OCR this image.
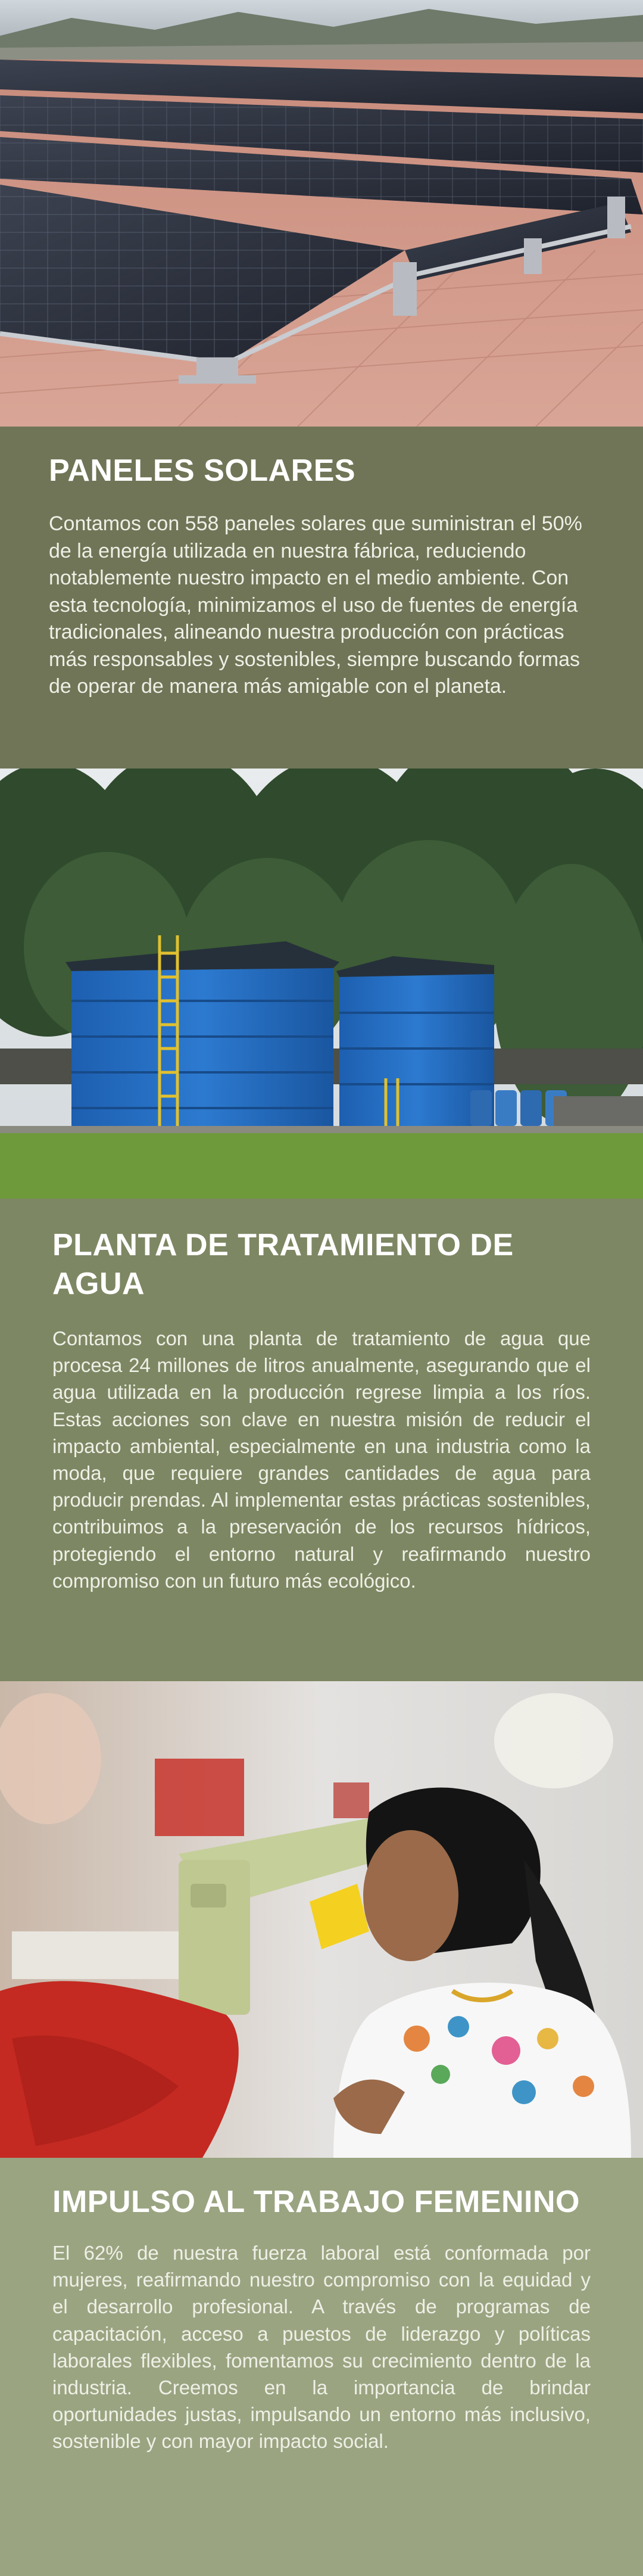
PANELES SOLARES

Contamos con 558 paneles solares que suministran el 50% de la energía utilizada en nuestra fábrica, reduciendo notablemente nuestro impacto en el medio ambiente. Con esta tecnología, minimizamos el uso de fuentes de energía tradicionales, alineando nuestra producción con prácticas más responsables y sostenibles, siempre buscando formas de operar de manera más amigable con el planeta.

PLANTA DE TRATAMIENTO DE AGUA

Contamos con una planta de tratamiento de agua que procesa 24 millones de litros anualmente, asegurando que el agua utilizada en la producción regrese limpia a los ríos. Estas acciones son clave en nuestra misión de reducir el impacto ambiental, especialmente en una industria como la moda, que requiere grandes cantidades de agua para producir prendas. Al implementar estas prácticas sostenibles, contribuimos a la preservación de los recursos hídricos, protegiendo el entorno natural y reafirmando nuestro compromiso con un futuro más ecológico.

IMPULSO AL TRABAJO FEMENINO

El 62% de nuestra fuerza laboral está conformada por mujeres, reafirmando nuestro compromiso con la equidad y el desarrollo profesional. A través de programas de capacitación, acceso a puestos de liderazgo y políticas laborales flexibles, fomentamos su crecimiento dentro de la industria. Creemos en la importancia de brindar oportunidades justas, impulsando un entorno más inclusivo, sostenible y con mayor impacto social.
